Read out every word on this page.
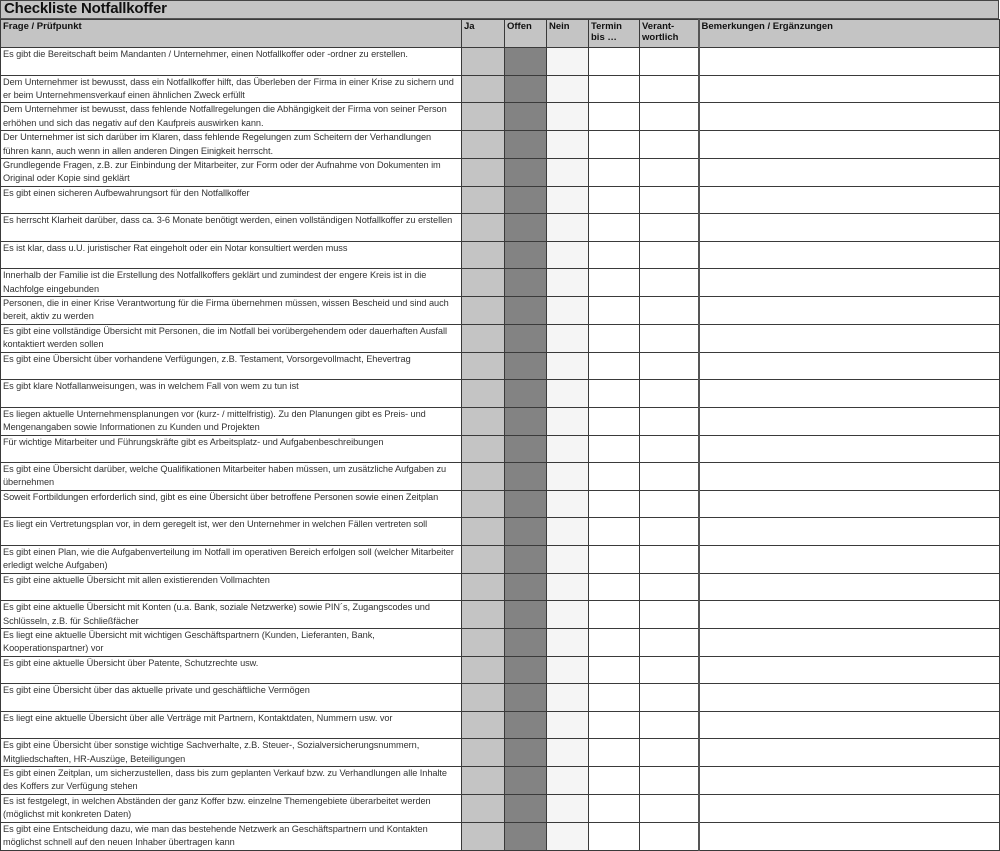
Checkliste Notfallkoffer
Frage / Prüfpunkt	Ja	Offen	Nein	Termin bis …	Verant-wortlich	Bemerkungen / Ergänzungen
Es gibt die Bereitschaft beim Mandanten / Unternehmer, einen Notfallkoffer oder -ordner zu erstellen.						
Dem Unternehmer ist bewusst, dass ein Notfallkoffer hilft, das Überleben der Firma in einer Krise zu sichern und er beim Unternehmensverkauf einen ähnlichen Zweck erfüllt						
Dem Unternehmer ist bewusst, dass fehlende Notfallregelungen die Abhängigkeit der Firma von seiner Person erhöhen und sich das negativ auf den Kaufpreis auswirken kann.						
Der Unternehmer ist sich darüber im Klaren, dass fehlende Regelungen zum Scheitern der Verhandlungen führen kann, auch wenn in allen anderen Dingen Einigkeit herrscht.						
Grundlegende Fragen, z.B. zur Einbindung der Mitarbeiter, zur Form oder der Aufnahme von Dokumenten im Original oder Kopie sind geklärt						
Es gibt einen sicheren Aufbewahrungsort für den Notfallkoffer						
Es herrscht Klarheit darüber, dass ca. 3-6 Monate benötigt werden, einen vollständigen Notfallkoffer zu erstellen						
Es ist klar, dass u.U. juristischer Rat eingeholt oder ein Notar konsultiert werden muss						
Innerhalb der Familie ist die Erstellung des Notfallkoffers geklärt und zumindest der engere Kreis ist in die Nachfolge eingebunden						
Personen, die in einer Krise Verantwortung für die Firma übernehmen müssen, wissen Bescheid und sind auch bereit, aktiv zu werden						
Es gibt eine vollständige Übersicht mit Personen, die im Notfall bei vorübergehendem oder dauerhaften Ausfall kontaktiert werden sollen						
Es gibt eine Übersicht über vorhandene Verfügungen, z.B. Testament, Vorsorgevollmacht, Ehevertrag						
Es gibt klare Notfallanweisungen, was in welchem Fall von wem zu tun ist						
Es liegen aktuelle Unternehmensplanungen vor (kurz- / mittelfristig). Zu den Planungen gibt es Preis- und Mengenangaben sowie Informationen zu Kunden und Projekten						
Für wichtige Mitarbeiter und Führungskräfte gibt es Arbeitsplatz- und Aufgabenbeschreibungen						
Es gibt eine Übersicht darüber, welche Qualifikationen Mitarbeiter haben müssen, um zusätzliche Aufgaben zu übernehmen						
Soweit Fortbildungen erforderlich sind, gibt es eine Übersicht über betroffene Personen sowie einen Zeitplan						
Es liegt ein Vertretungsplan vor, in dem geregelt ist, wer den Unternehmer in welchen Fällen vertreten soll						
Es gibt einen Plan, wie die Aufgabenverteilung im Notfall im operativen Bereich erfolgen soll (welcher Mitarbeiter erledigt welche Aufgaben)						
Es gibt eine aktuelle Übersicht mit allen existierenden Vollmachten						
Es gibt eine aktuelle Übersicht mit Konten (u.a. Bank, soziale Netzwerke) sowie PIN´s, Zugangscodes und Schlüsseln, z.B. für Schließfächer						
Es liegt eine aktuelle Übersicht mit wichtigen Geschäftspartnern (Kunden, Lieferanten, Bank, Kooperationspartner) vor						
Es gibt eine aktuelle Übersicht über Patente, Schutzrechte usw.						
Es gibt eine Übersicht über das aktuelle private und geschäftliche Vermögen						
Es liegt eine aktuelle Übersicht über alle Verträge mit Partnern, Kontaktdaten, Nummern usw. vor						
Es gibt eine Übersicht über sonstige wichtige Sachverhalte, z.B. Steuer-, Sozialversicherungsnummern, Mitgliedschaften, HR-Auszüge, Beteiligungen						
Es gibt einen Zeitplan, um sicherzustellen, dass bis zum geplanten Verkauf bzw. zu Verhandlungen alle Inhalte des Koffers zur Verfügung stehen						
Es ist festgelegt, in welchen Abständen der ganz Koffer bzw. einzelne Themengebiete überarbeitet werden (möglichst mit konkreten Daten)						
Es gibt eine Entscheidung dazu, wie man das bestehende Netzwerk an Geschäftspartnern und Kontakten möglichst schnell auf den neuen Inhaber übertragen kann						
